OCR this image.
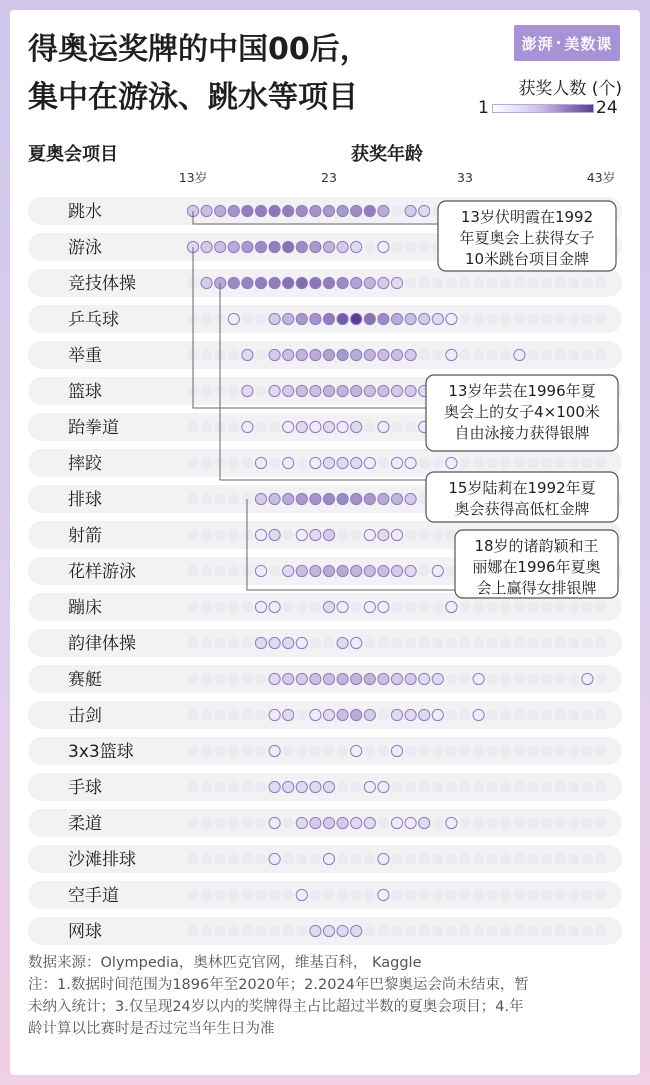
得奥运奖牌的中国00后，
集中在游泳、跳水等项目
澎湃 · 美数课
获奖人数 (个)
1	24
夏奥会项目	获奖年龄
13岁	23	33	43岁
跳水
游泳
竞技体操
乒乓球
举重
篮球
跆拳道
摔跤
排球
射箭
花样游泳
蹦床
韵律体操
赛艇
击剑
3x3篮球
手球
柔道
沙滩排球
空手道
网球
13岁伏明霞在1992
年夏奥会上获得女子
10米跳台项目金牌
13岁年芸在1996年夏
奥会上的女子4×100米
自由泳接力获得银牌
15岁陆莉在1992年夏
奥会获得高低杠金牌
18岁的诸韵颖和王
丽娜在1996年夏奥
会上赢得女排银牌

数据来源：Olympedia，奥林匹克官网，维基百科， Kaggle

注：1.数据时间范围为1896年至2020年；2.2024年巴黎奥运会尚未结束，暂

未纳入统计；3.仅呈现24岁以内的奖牌得主占比超过半数的夏奥会项目；4.年

龄计算以比赛时是否过完当年生日为准
